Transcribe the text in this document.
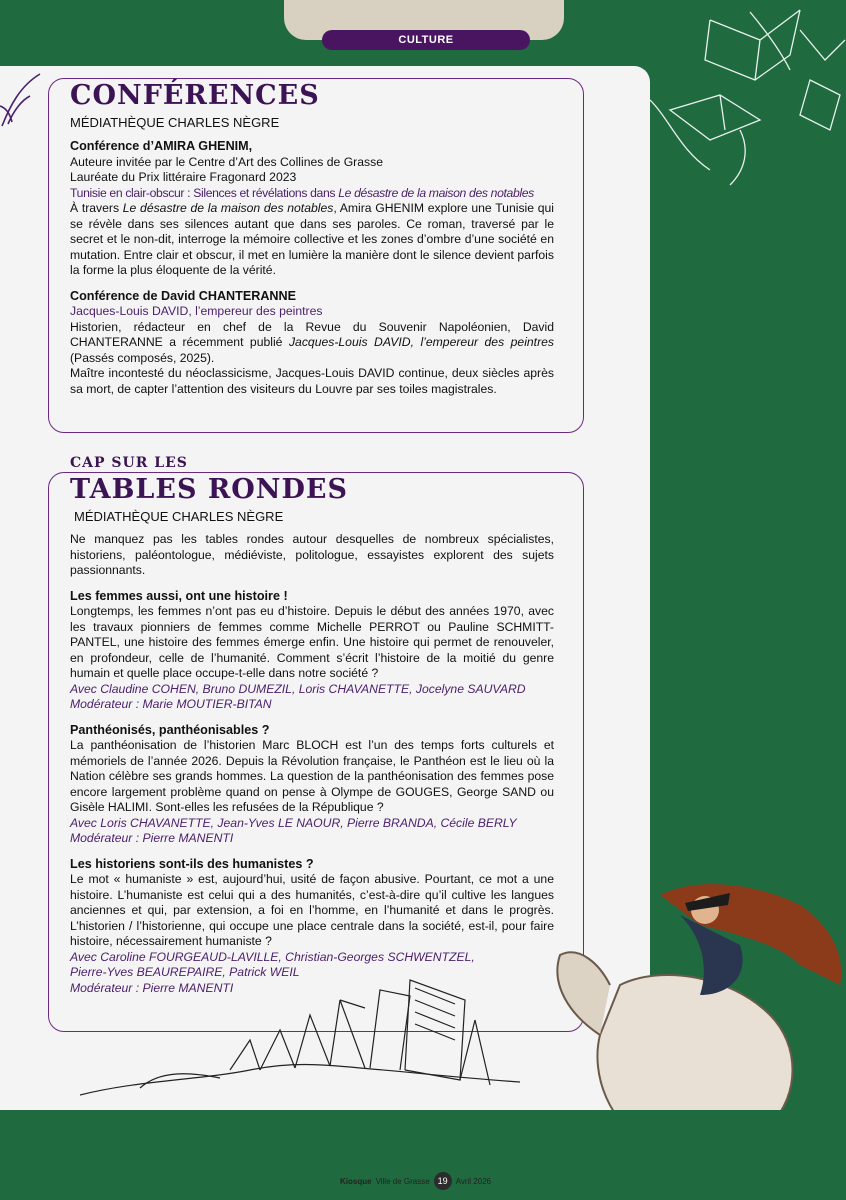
CULTURE
CONFÉRENCES
MÉDIATHÈQUE CHARLES NÈGRE
Conférence d’AMIRA GHENIM,
Auteure invitée par le Centre d’Art des Collines de Grasse
Lauréate du Prix littéraire Fragonard 2023
Tunisie en clair-obscur : Silences et révélations dans Le désastre de la maison des notables
À travers Le désastre de la maison des notables, Amira GHENIM explore une Tunisie qui se révèle dans ses silences autant que dans ses paroles. Ce roman, traversé par le secret et le non-dit, interroge la mémoire collective et les zones d’ombre d’une société en mutation. Entre clair et obscur, il met en lumière la manière dont le silence devient parfois la forme la plus éloquente de la vérité.
Conférence de David CHANTERANNE
Jacques-Louis DAVID, l’empereur des peintres
Historien, rédacteur en chef de la Revue du Souvenir Napoléonien, David CHANTERANNE a récemment publié Jacques-Louis DAVID, l’empereur des peintres (Passés composés, 2025).
Maître incontesté du néoclassicisme, Jacques-Louis DAVID continue, deux siècles après sa mort, de capter l’attention des visiteurs du Louvre par ses toiles magistrales.
CAP SUR LES
TABLES RONDES
MÉDIATHÈQUE CHARLES NÈGRE
Ne manquez pas les tables rondes autour desquelles de nombreux spécialistes, historiens, paléontologue, médiéviste, politologue, essayistes explorent des sujets passionnants.
Les femmes aussi, ont une histoire !
Longtemps, les femmes n’ont pas eu d’histoire. Depuis le début des années 1970, avec les travaux pionniers de femmes comme Michelle PERROT ou Pauline SCHMITT-PANTEL, une histoire des femmes émerge enfin. Une histoire qui permet de renouveler, en profondeur, celle de l’humanité. Comment s’écrit l’histoire de la moitié du genre humain et quelle place occupe-t-elle dans notre société ?
Avec Claudine COHEN, Bruno DUMEZIL, Loris CHAVANETTE, Jocelyne SAUVARD
Modérateur : Marie MOUTIER-BITAN
Panthéonisés, panthéonisables ?
La panthéonisation de l’historien Marc BLOCH est l’un des temps forts culturels et mémoriels de l’année 2026. Depuis la Révolution française, le Panthéon est le lieu où la Nation célèbre ses grands hommes. La question de la panthéonisation des femmes pose encore largement problème quand on pense à Olympe de GOUGES, George SAND ou Gisèle HALIMI. Sont-elles les refusées de la République ?
Avec Loris CHAVANETTE, Jean-Yves LE NAOUR, Pierre BRANDA, Cécile BERLY
Modérateur : Pierre MANENTI
Les historiens sont-ils des humanistes ?
Le mot « humaniste » est, aujourd’hui, usité de façon abusive. Pourtant, ce mot a une histoire. L’humaniste est celui qui a des humanités, c’est-à-dire qu’il cultive les langues anciennes et qui, par extension, a foi en l’homme, en l’humanité et dans le progrès. L’historien / l’historienne, qui occupe une place centrale dans la société, est-il, pour faire histoire, nécessairement humaniste ?
Avec Caroline FOURGEAUD-LAVILLE, Christian-Georges SCHWENTZEL,
Pierre-Yves BEAUREPAIRE, Patrick WEIL
Modérateur : Pierre MANENTI
Kiosque Ville de Grasse 19	Avril 2026
